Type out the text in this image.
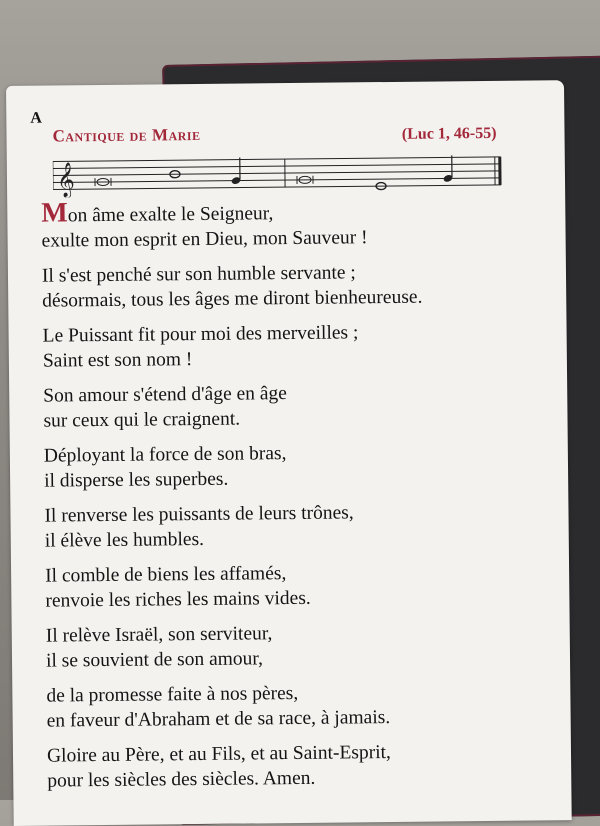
A
Cantique de Marie	(Luc 1, 46-55)
𝄞
Mon âme exalte le Seigneur,
exulte mon esprit en Dieu, mon Sauveur !
Il s'est penché sur son humble servante ;
désormais, tous les âges me diront bienheureuse.
Le Puissant fit pour moi des merveilles ;
Saint est son nom !
Son amour s'étend d'âge en âge
sur ceux qui le craignent.
Déployant la force de son bras,
il disperse les superbes.
Il renverse les puissants de leurs trônes,
il élève les humbles.
Il comble de biens les affamés,
renvoie les riches les mains vides.
Il relève Israël, son serviteur,
il se souvient de son amour,
de la promesse faite à nos pères,
en faveur d'Abraham et de sa race, à jamais.
Gloire au Père, et au Fils, et au Saint-Esprit,
pour les siècles des siècles. Amen.
